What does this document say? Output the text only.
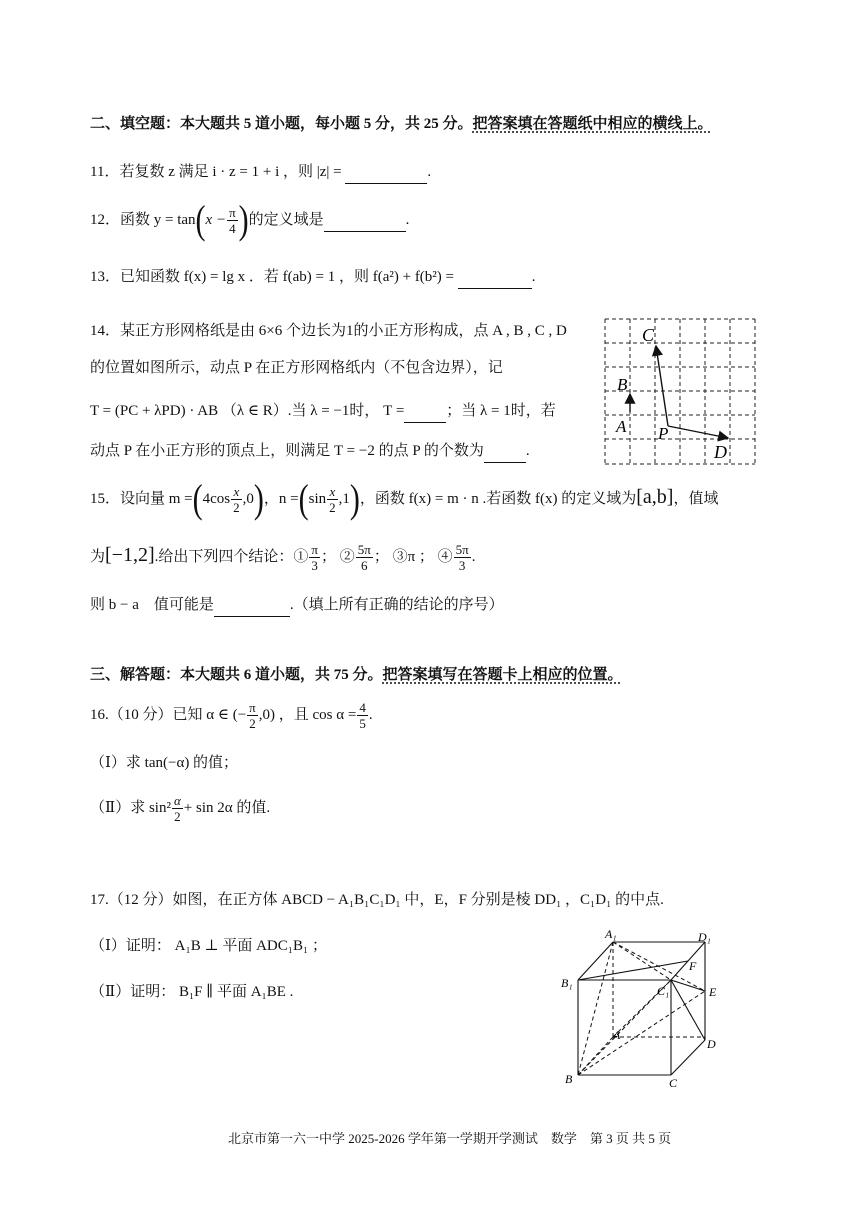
二、填空题：本大题共 5 道小题，每小题 5 分，共 25 分。把答案填在答题纸中相应的横线上。
11．若复数 z 满足 i · z = 1 + i ，则 |z| =	.
12．函数 $y = \tan(x - \frac{\pi}{4}$ )的定义域是	.
13．已知函数 f(x) = lg x ．若 f(ab) = 1 ，则 f(a²) + f(b²) =	.
14．某正方形网格纸是由 6×6 个边长为1的小正方形构成，点 A , B , C , D
的位置如图所示，动点 P 在正方形网格纸内（不包含边界），记
T = (PC + λPD) · AB （λ ∈ R）.当 λ = −1时， T =	；当 λ = 1时，若
动点 P 在小正方形的顶点上，则满足 T = −2 的点 P 的个数为	.
C
B
A P
D
15．设向量 $m =(4\cos \frac{x}{2} ,0)$，$n =(\sin \frac{x}{2} ,1)$，函数 f(x) = m · n .若函数 f(x) 的定义域为[a,b]，值域
为[−1,2].给出下列四个结论：① $\frac{\pi}{3}$ ； ② $\frac{5\pi}{6}$ ； ③π ； ④ $\frac{5\pi}{3}$ .
则 b − a　值可能是	.（填上所有正确的结论的序号）
三、解答题：本大题共 6 道小题，共 75 分。把答案填写在答题卡上相应的位置。
16.（10 分）已知 α ∈ (− $\frac{\pi}{2} ,0$) ，且 $\cos \alpha = \frac{4}{5}$ .
（Ⅰ）求 tan(−α) 的值；
（Ⅱ）求 $\sin^2 \frac{\alpha}{2} + \sin 2\alpha$ 的值.
17.（12 分）如图，在正方体 ABCD − A₁B₁C₁D₁ 中，E，F 分别是棱 DD₁ ，C₁D₁ 的中点.
（Ⅰ）证明： A₁B ⊥ 平面 ADC₁B₁ ；
（Ⅱ）证明： B₁F ∥ 平面 A₁BE .
A₁	D₁
B₁
C₁
F
E
A
D
B	C
北京市第一六一中学 2025-2026 学年第一学期开学测试　数学　第 3 页 共 5 页
